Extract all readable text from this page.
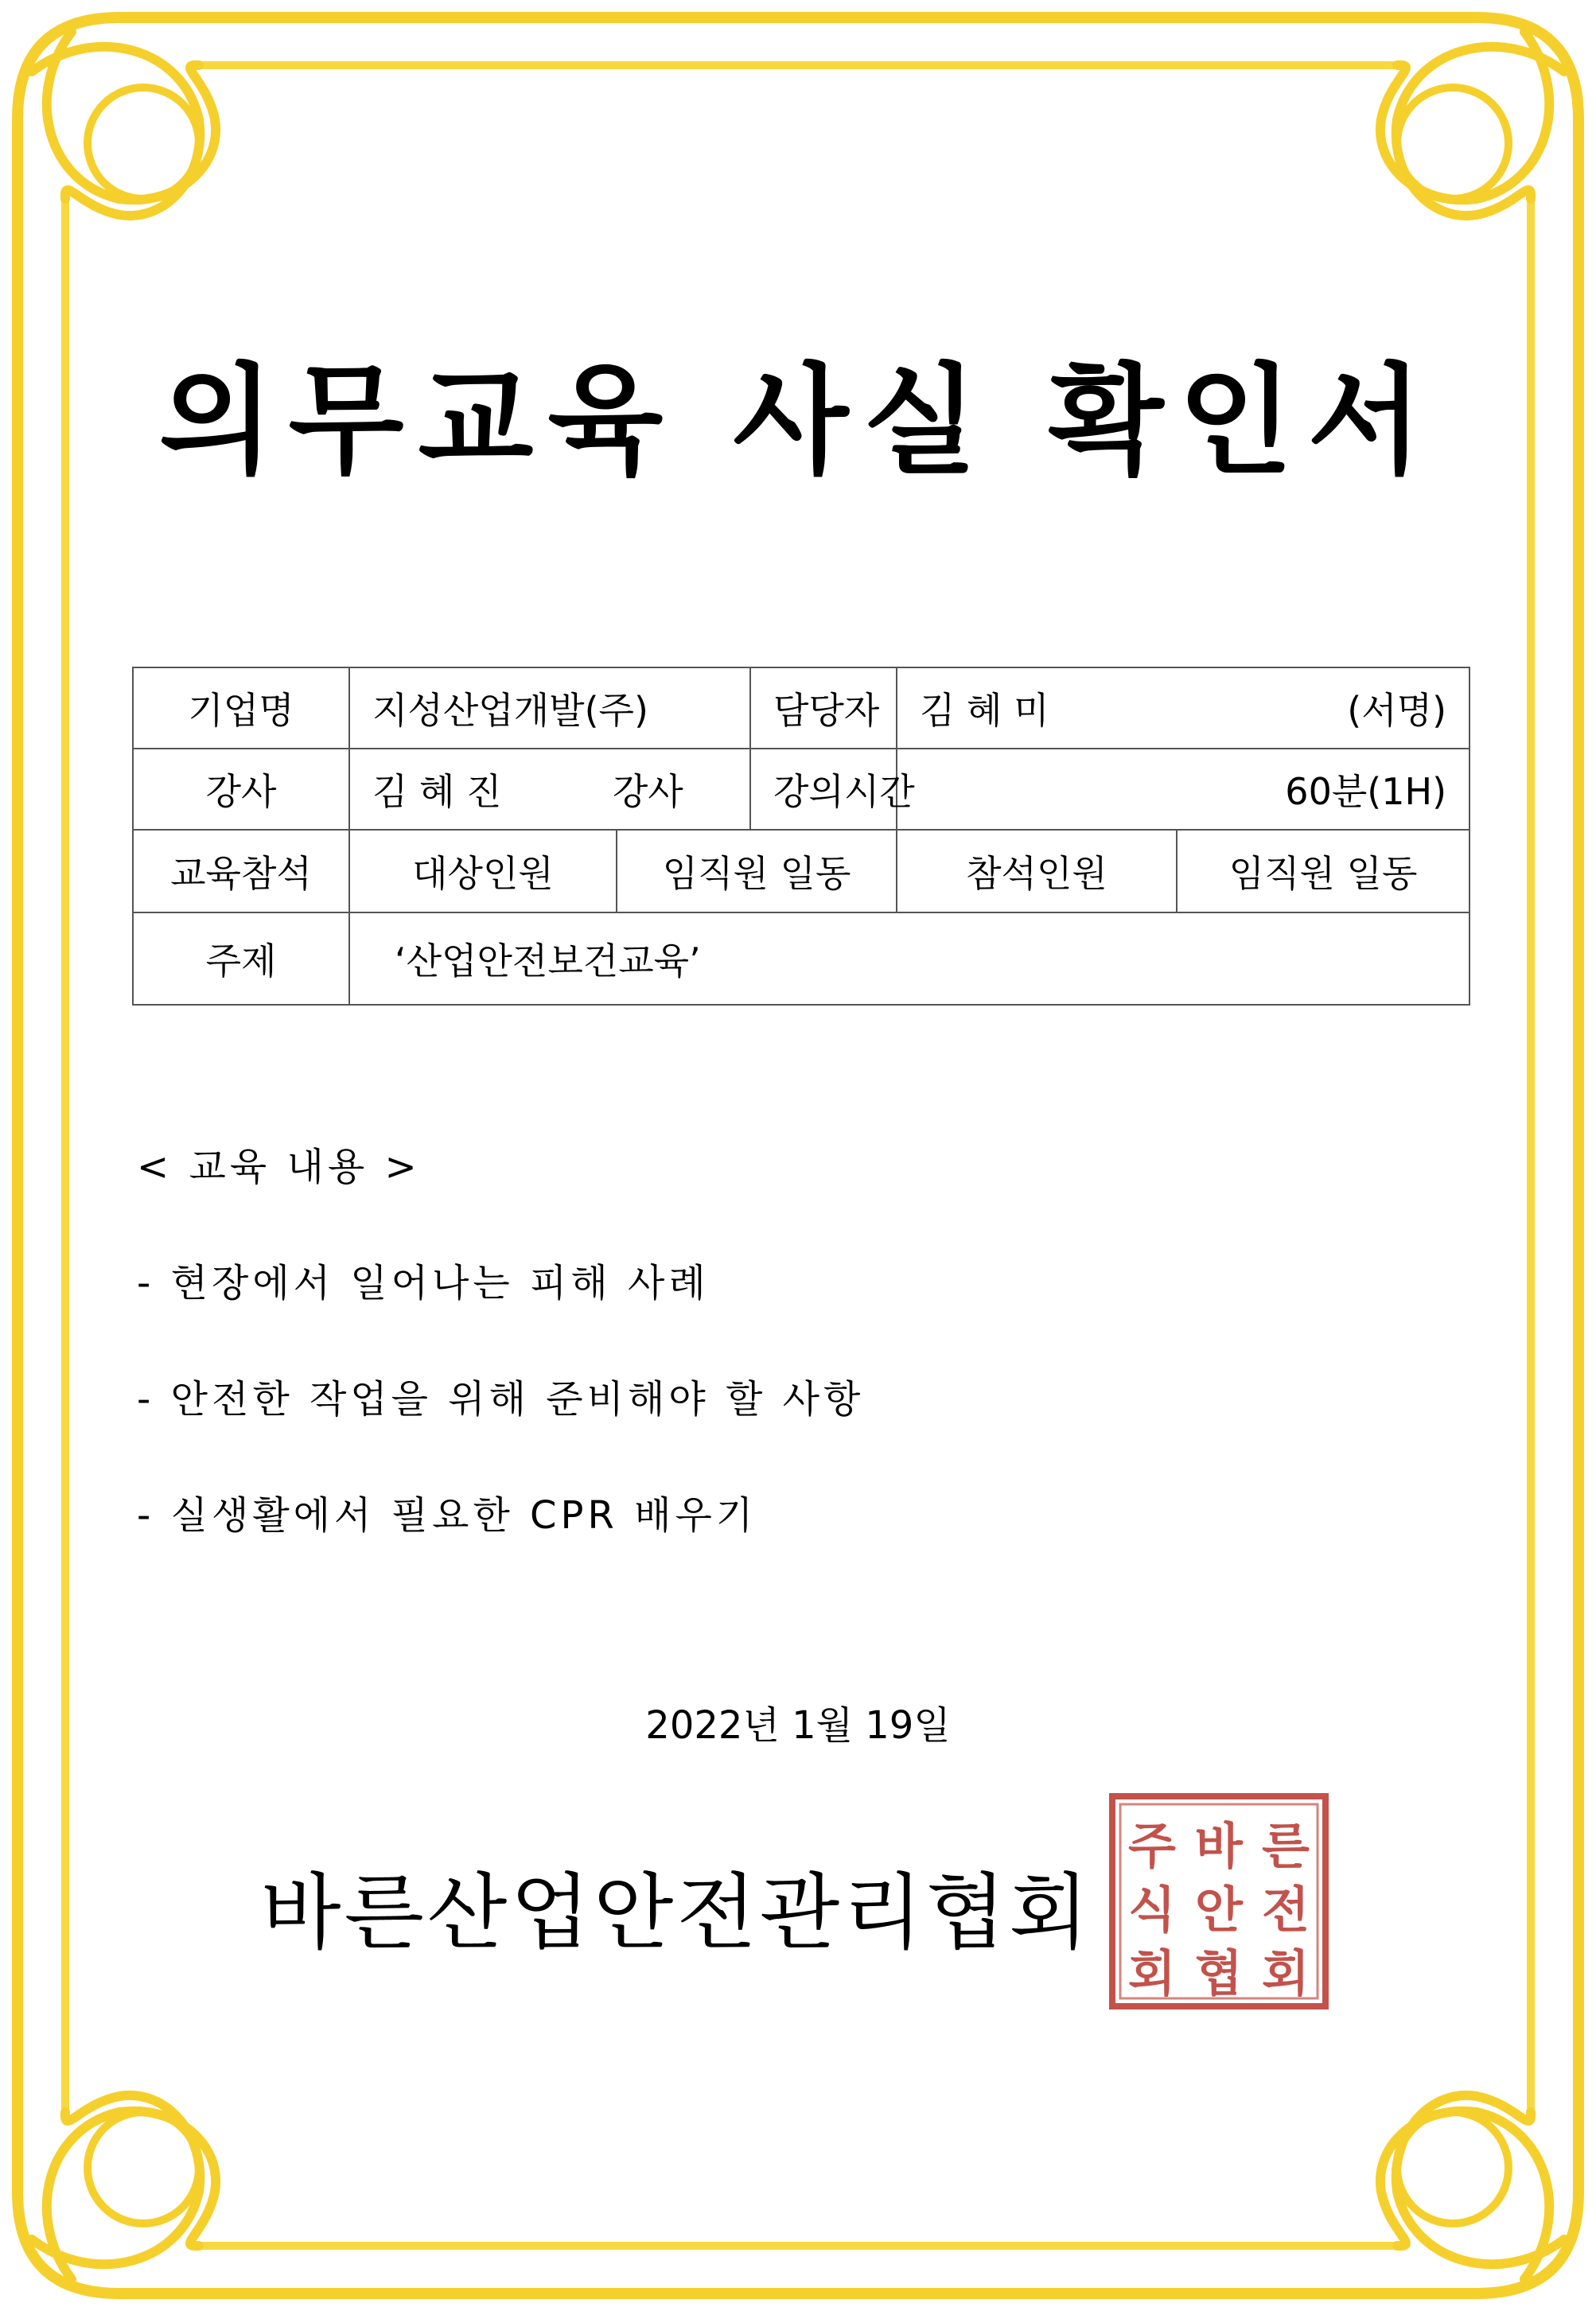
의무교육 사실 확인서
기업명	지성산업개발(주)		담당자	김 혜 미 (서명)	

강사	김 혜 진 강사		강의시간	60분(1H)	
교육참석	대상인원	임직원 일동		참석인원	임직원 일동
주제	‘산업안전보건교육’				
< 교육 내용 >
- 현장에서 일어나는 피해 사례
- 안전한 작업을 위해 준비해야 할 사항
- 실생활에서 필요한 CPR 배우기
2022년 1월 19일
주 바 른
식 안 전
회 협 회
바른산업안전관리협회
